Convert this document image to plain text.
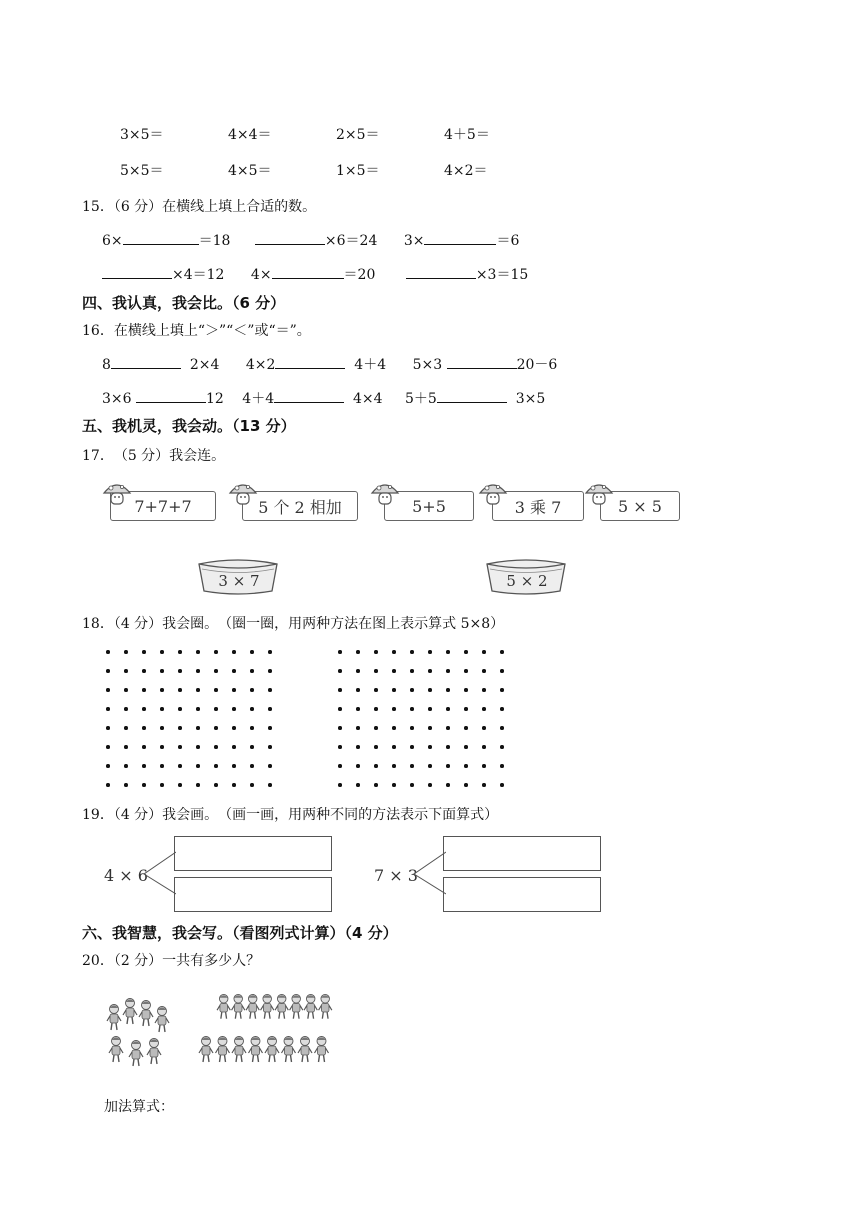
3×5＝	4×4＝	2×5＝	4＋5＝
5×5＝	4×5＝	1×5＝	4×2＝
15．（6 分）在横线上填上合适的数。
6×	＝18	×6＝24 3×	＝6
×4＝12 4×	＝20	×3＝15
四、我认真，我会比。（6 分）
16．在横线上填上“＞”“＜”或“＝”。
8	2×4 4×2	4＋4 5×3	20－6
3×6	12 4＋4	4×4 5＋5	3×5
五、我机灵，我会动。（13 分）
17．　（5 分）我会连。
7+7+7	5 个 2 相加	5+5	3 乘 7	5 × 5
3 × 7	5 × 2
18．（4 分）我会圈。　（圈一圈，用两种方法在图上表示算式 5×8）
19．（4 分）我会画。　（画一画，用两种不同的方法表示下面算式）
4 × 6	7 × 3
六、我智慧，我会写。（看图列式计算）（4 分）
20．（2 分）一共有多少人？
加法算式：
